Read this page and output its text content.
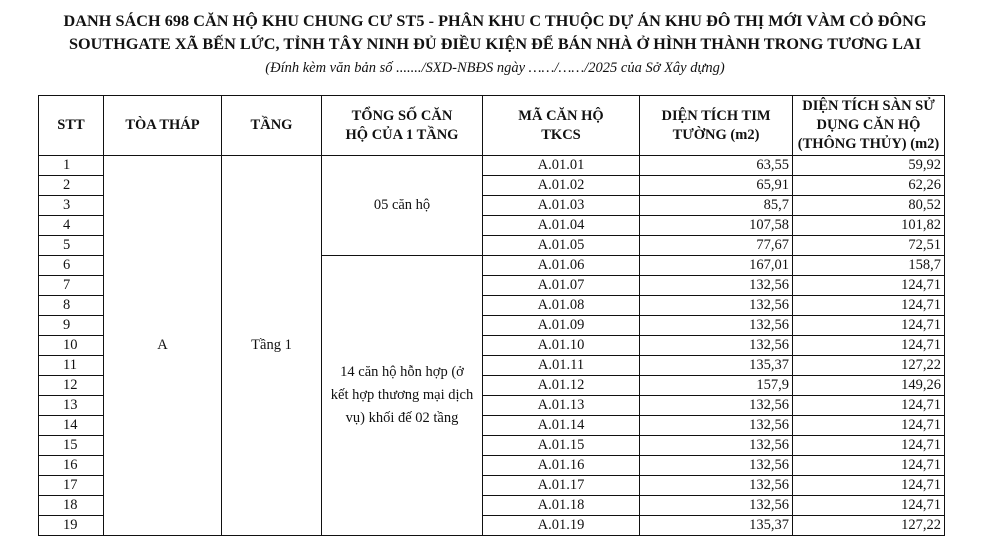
DANH SÁCH 698 CĂN HỘ KHU CHUNG CƯ ST5 - PHÂN KHU C THUỘC DỰ ÁN KHU ĐÔ THỊ MỚI VÀM CỎ ĐÔNG
SOUTHGATE XÃ BẾN LỨC, TỈNH TÂY NINH ĐỦ ĐIỀU KIỆN ĐỂ BÁN NHÀ Ở HÌNH THÀNH TRONG TƯƠNG LAI
(Đính kèm văn bản số ......./SXD-NBĐS ngày ……/……/2025 của Sở Xây dựng)
STT	TÒA THÁP	TẦNG	TỔNG SỐ CĂN HỘ CỦA 1 TẦNG	MÃ CĂN HỘ TKCS	DIỆN TÍCH TIM TƯỜNG (m2)	DIỆN TÍCH SÀN SỬ DỤNG CĂN HỘ (THÔNG THỦY) (m2)
1	A	Tầng 1	05 căn hộ	A.01.01	63,55	59,92
2				A.01.02	65,91	62,26
3				A.01.03	85,7	80,52
4				A.01.04	107,58	101,82
5				A.01.05	77,67	72,51
6			14 căn hộ hỗn hợp (ở kết hợp thương mại dịch vụ) khối đế 02 tầng	A.01.06	167,01	158,7
7				A.01.07	132,56	124,71
8				A.01.08	132,56	124,71
9				A.01.09	132,56	124,71
10				A.01.10	132,56	124,71
11				A.01.11	135,37	127,22
12				A.01.12	157,9	149,26
13				A.01.13	132,56	124,71
14				A.01.14	132,56	124,71
15				A.01.15	132,56	124,71
16				A.01.16	132,56	124,71
17				A.01.17	132,56	124,71
18				A.01.18	132,56	124,71
19				A.01.19	135,37	127,22
